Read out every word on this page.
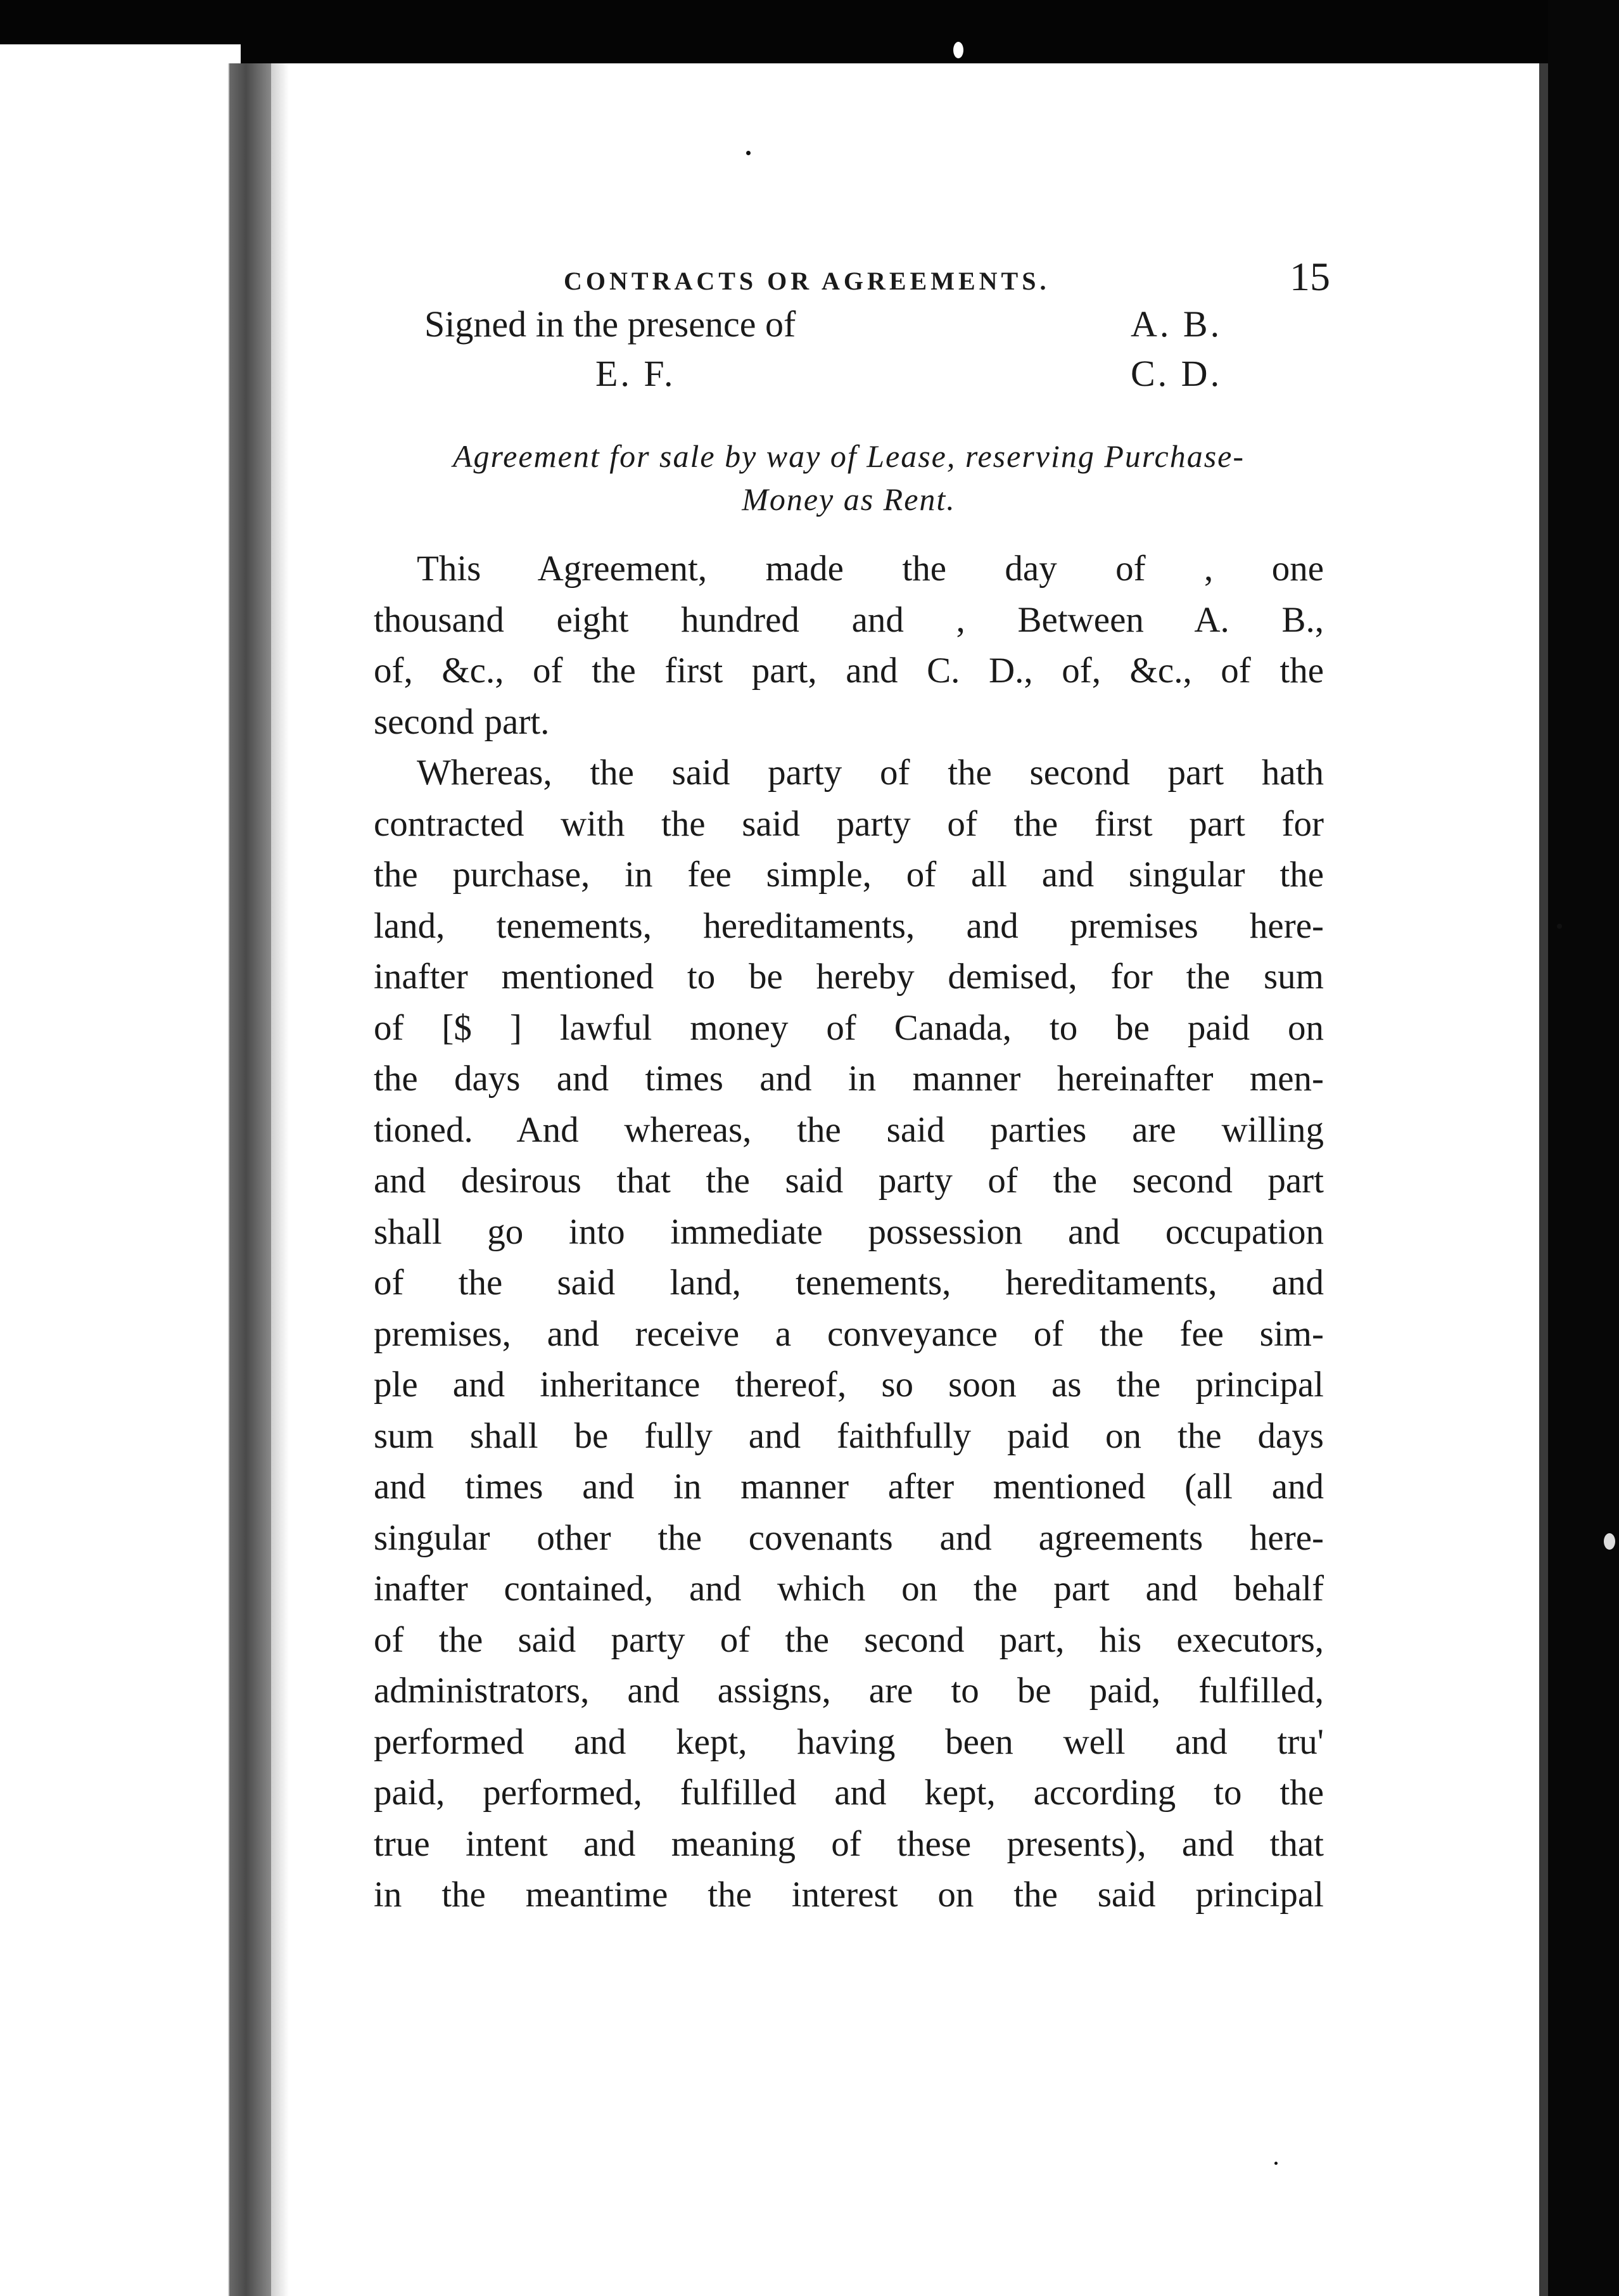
CONTRACTS OR AGREEMENTS.	15
Signed in the presence of
E. F.
A. B.
C. D.
Agreement for sale by way of Lease, reserving Purchase-
Money as Rent.

This Agreement, made the day of , one
thousand eight hundred and , Between A. B.,
of, &c., of the first part, and C. D., of, &c., of the
second part.

Whereas, the said party of the second part hath
contracted with the said party of the first part for
the purchase, in fee simple, of all and singular the
land, tenements, hereditaments, and premises here-
inafter mentioned to be hereby demised, for the sum
of [$ ] lawful money of Canada, to be paid on
the days and times and in manner hereinafter men-
tioned. And whereas, the said parties are willing
and desirous that the said party of the second part
shall go into immediate possession and occupation
of the said land, tenements, hereditaments, and
premises, and receive a conveyance of the fee sim-
ple and inheritance thereof, so soon as the principal
sum shall be fully and faithfully paid on the days
and times and in manner after mentioned (all and
singular other the covenants and agreements here-
inafter contained, and which on the part and behalf
of the said party of the second part, his executors,
administrators, and assigns, are to be paid, fulfilled,
performed and kept, having been well and tru'
paid, performed, fulfilled and kept, according to the
true intent and meaning of these presents), and that
in the meantime the interest on the said principal
